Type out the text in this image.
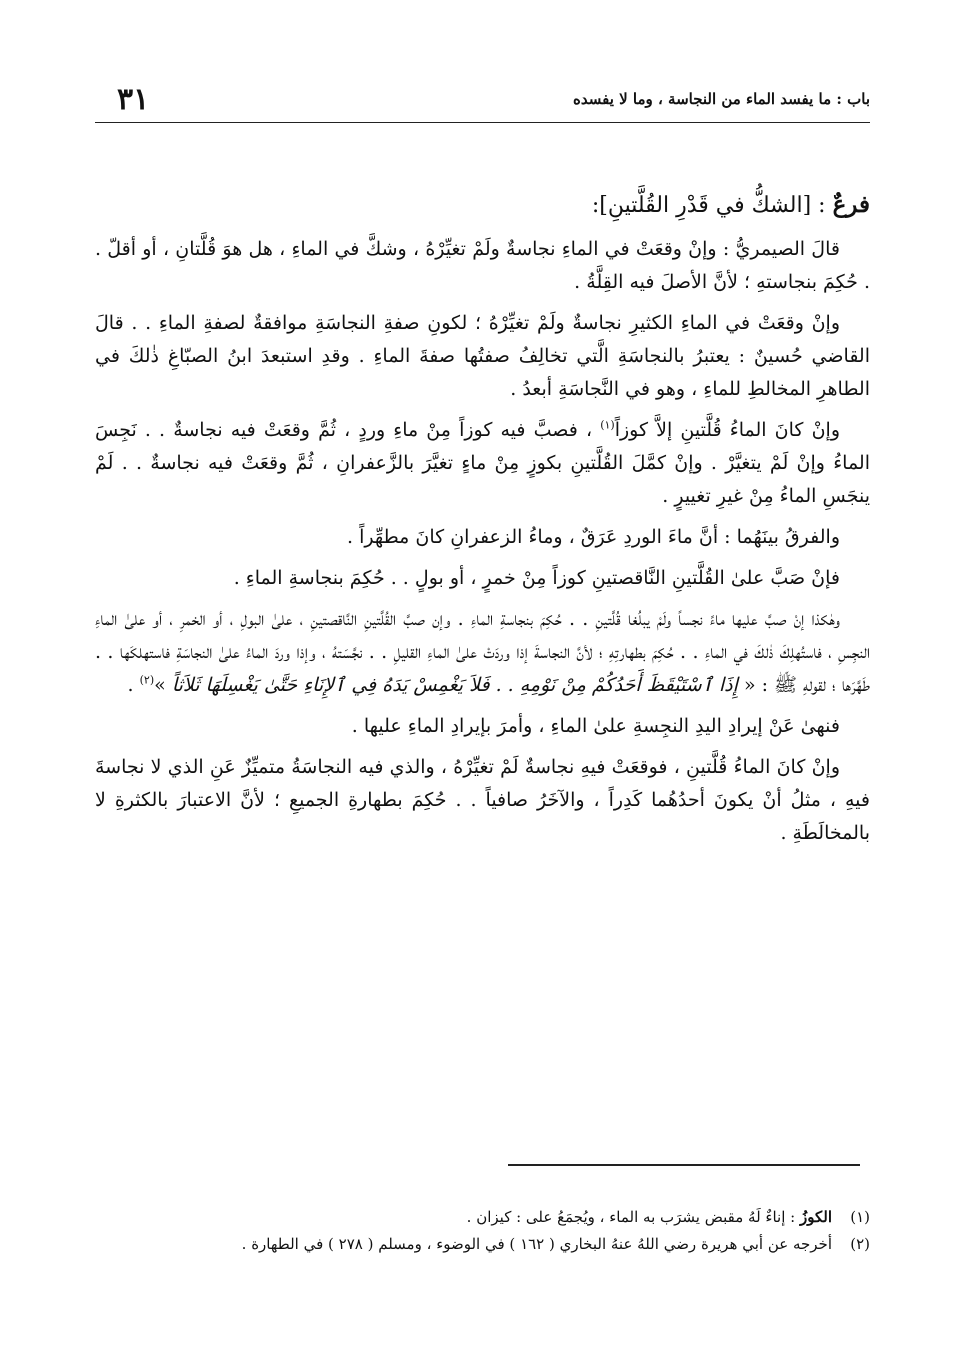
باب : ما يفسد الماء من النجاسة ، وما لا يفسده
٣١
فرعٌ : [الشكُّ في قَدْرِ القُلَّتينِ]:

قالَ الصيمريُّ : وإنْ وقعَتْ في الماءِ نجاسةٌ ولَمْ تغيِّرْهُ ، وشكَّ في الماءِ ، هل هوَ قُلَّتانِ ، أو أقلّ . . حُكِمَ بنجاستهِ ؛ لأنَّ الأصلَ فيه القِلَّةُ .

وإنْ وقعَتْ في الماءِ الكثيرِ نجاسةٌ ولَمْ تغيِّرْهُ ؛ لكونِ صفةِ النجاسَةِ موافقةٌ لصفةِ الماءِ . . قالَ القاضي حُسينٌ : يعتبرُ بالنجاسَةِ الَّتي تخالِفُ صفتُها صفةَ الماءِ . وقدِ استبعدَ ابنُ الصبّاغِ ذٰلكَ في الطاهرِ المخالطِ للماءِ ، وهو في النَّجاسَةِ أبعدُ .

وإنْ كانَ الماءُ قُلَّتينِ إلاَّ كوزاً$^{(١)}$ ، فصبَّ فيه كوزاً مِنْ ماءِ وردٍ ، ثُمَّ وقعَتْ فيه نجاسةٌ . . نَجِسَ الماءُ وإنْ لَمْ يتغيَّرْ . وإنْ كمَّلَ القُلَّتينِ بكوزٍ مِنْ ماءٍ تغيَّرَ بالزَّعفرانِ ، ثُمَّ وقعَتْ فيه نجاسةٌ . . لَمْ ينجَسِ الماءُ مِنْ غيرِ تغييرٍ .

والفرقُ بينَهُما : أنَّ ماءَ الوردِ عَرَقٌ ، وماءُ الزعفرانِ كانَ مطهِّراً .

فإنْ صَبَّ علىٰ القُلَّتينِ النَّاقصتينِ كوزاً مِنْ خمرٍ ، أو بولٍ . . حُكِمَ بنجاسةِ الماءِ .

وهٰكذا إنْ صبَّ عليها ماءً نجساً ولَمْ يبلُغا قُلَّتينِ . . حُكِمَ بنجاسةِ الماءِ . وإن صبَّ القُلَّتينِ النَّاقصتينِ ، علىٰ البولِ ، أو الخمرِ ، أو علىٰ الماءِ النجِسِ ، فاستُهلِكَ ذٰلكَ في الماءِ . . حُكِمَ بطهارتِهِ ؛ لأنَّ النجاسةَ إذا وردَتْ علىٰ الماءِ القليلِ . . نجَّسَتهُ ، وإذا وردَ الماءُ علىٰ النجاسَةِ فاستهلكَها . . طَهَّرَها ؛ لقولهِ ﷺ : « إِذَا ٱسْتَيْقَظَ أَحَدُكُمْ مِنْ نَوْمِهِ . . فَلاَ يَغْمِسْ يَدَهُ فِي ٱلإِنَاءِ حَتَّىٰ يَغْسِلَهَا ثَلاَثاً »$^{(٢)}$ .

فنهىٰ عَنْ إيرادِ اليدِ النجِسةِ علىٰ الماءِ ، وأمرَ بإيرادِ الماءِ عليها .

وإنْ كانَ الماءُ قُلَّتينِ ، فوقعَتْ فيهِ نجاسةٌ لَمْ تغيِّرْهُ ، والذي فيه النجاسَةُ متميِّزٌ عَنِ الذي لا نجاسةَ فيهِ ، مثلُ أنْ يكونَ أحدُهُما كَدِراً ، والآخَرُ صافياً . . حُكِمَ بطهارةِ الجميعِ ؛ لأنَّ الاعتبارَ بالكثرةِ لا بالمخالَطَةِ .

(١)
الكوزُ : إناءٌ لَهُ مقبض يشرَب به الماء ، ويُجمَعُ على : كيزان .
(٢)
أخرجه عن أبي هريرة رضي اللهُ عنهُ البخاري ( ١٦٢ ) في الوضوء ، ومسلم ( ٢٧٨ ) في الطهارة .
